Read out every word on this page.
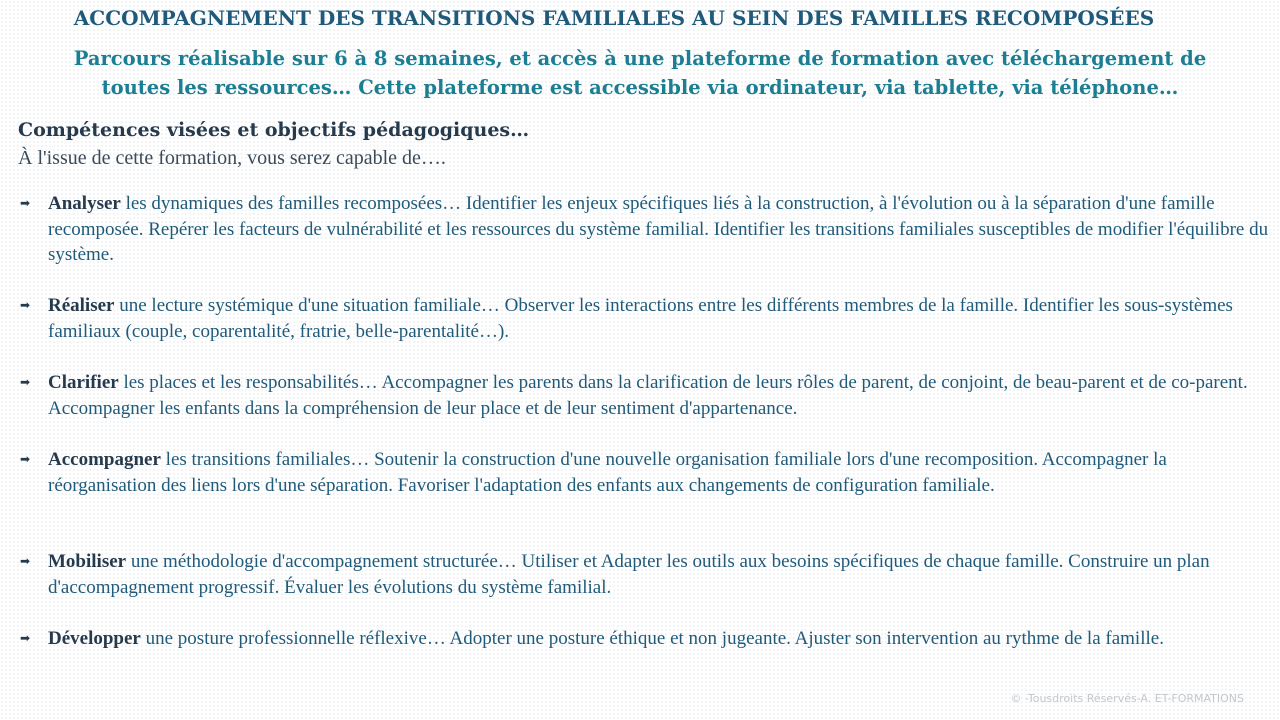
ACCOMPAGNEMENT DES TRANSITIONS FAMILIALES AU SEIN DES FAMILLES RECOMPOSÉES
Parcours réalisable sur 6 à 8 semaines, et accès à une plateforme de formation avec téléchargement de toutes les ressources… Cette plateforme est accessible via ordinateur, via tablette, via téléphone…
Compétences visées et objectifs pédagogiques…
À l'issue de cette formation, vous serez capable de….
➡ Analyser les dynamiques des familles recomposées… Identifier les enjeux spécifiques liés à la construction, à l'évolution ou à la séparation d'une famille recomposée. Repérer les facteurs de vulnérabilité et les ressources du système familial. Identifier les transitions familiales susceptibles de modifier l'équilibre du système.
➡ Réaliser une lecture systémique d'une situation familiale… Observer les interactions entre les différents membres de la famille. Identifier les sous-systèmes familiaux (couple, coparentalité, fratrie, belle-parentalité…).
➡ Clarifier les places et les responsabilités… Accompagner les parents dans la clarification de leurs rôles de parent, de conjoint, de beau-parent et de co-parent. Accompagner les enfants dans la compréhension de leur place et de leur sentiment d'appartenance.
➡ Accompagner les transitions familiales… Soutenir la construction d'une nouvelle organisation familiale lors d'une recomposition. Accompagner la réorganisation des liens lors d'une séparation. Favoriser l'adaptation des enfants aux changements de configuration familiale.
➡ Mobiliser une méthodologie d'accompagnement structurée… Utiliser et Adapter les outils aux besoins spécifiques de chaque famille. Construire un plan d'accompagnement progressif. Évaluer les évolutions du système familial.
➡ Développer une posture professionnelle réflexive… Adopter une posture éthique et non jugeante. Ajuster son intervention au rythme de la famille.
© -Tousdroits Réservés-A. ET-FORMATIONS
